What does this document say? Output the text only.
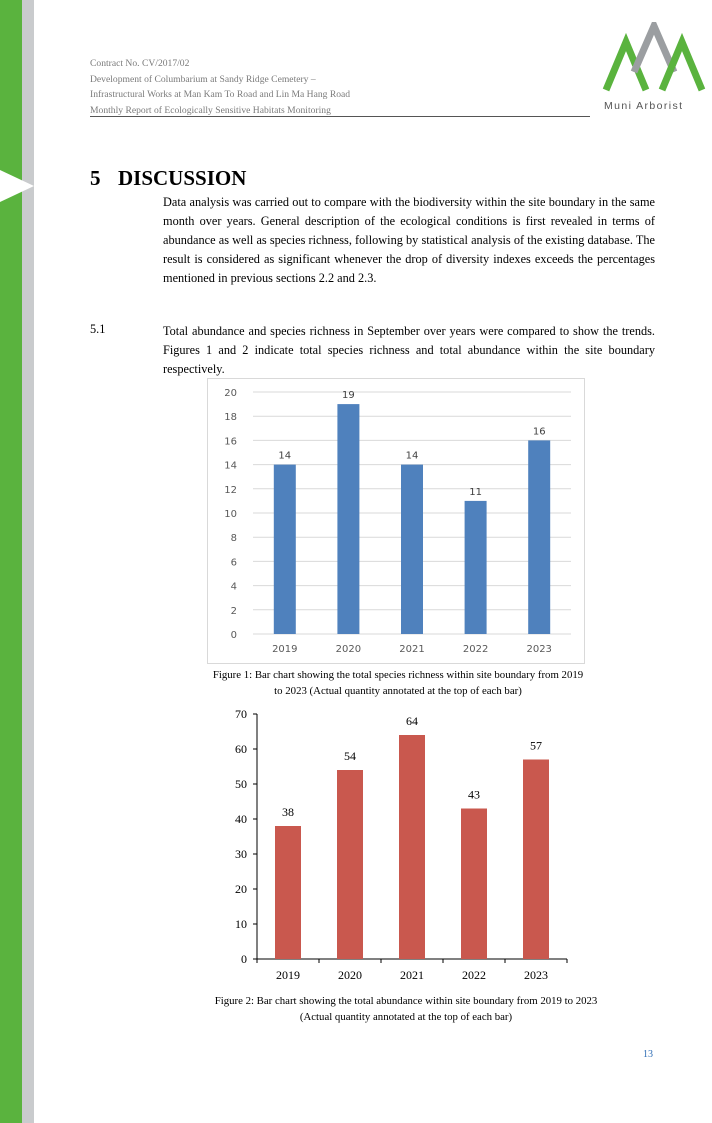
Contract No. CV/2017/02
Development of Columbarium at Sandy Ridge Cemetery –
Infrastructural Works at Man Kam To Road and Lin Ma Hang Road
Monthly Report of Ecologically Sensitive Habitats Monitoring	Muni Arborist
5 DISCUSSION
Data analysis was carried out to compare with the biodiversity within the site boundary in the same month over years. General description of the ecological conditions is first revealed in terms of abundance as well as species richness, following by statistical analysis of the existing database. The result is considered as significant whenever the drop of diversity indexes exceeds the percentages mentioned in previous sections 2.2 and 2.3.
5.1	Total abundance and species richness in September over years were compared to show the trends. Figures 1 and 2 indicate total species richness and total abundance within the site boundary respectively.
0
2
4
6
8
10
12
14
16
18
20
14
2019
19
2020
14
2021
11
2022
16
2023
Figure 1: Bar chart showing the total species richness within site boundary from 2019
to 2023 (Actual quantity annotated at the top of each bar)
0
10
20
30
40
50
60
70
38
2019
54
2020
64
2021
43
2022
57
2023
Figure 2: Bar chart showing the total abundance within site boundary from 2019 to 2023
(Actual quantity annotated at the top of each bar)
13
